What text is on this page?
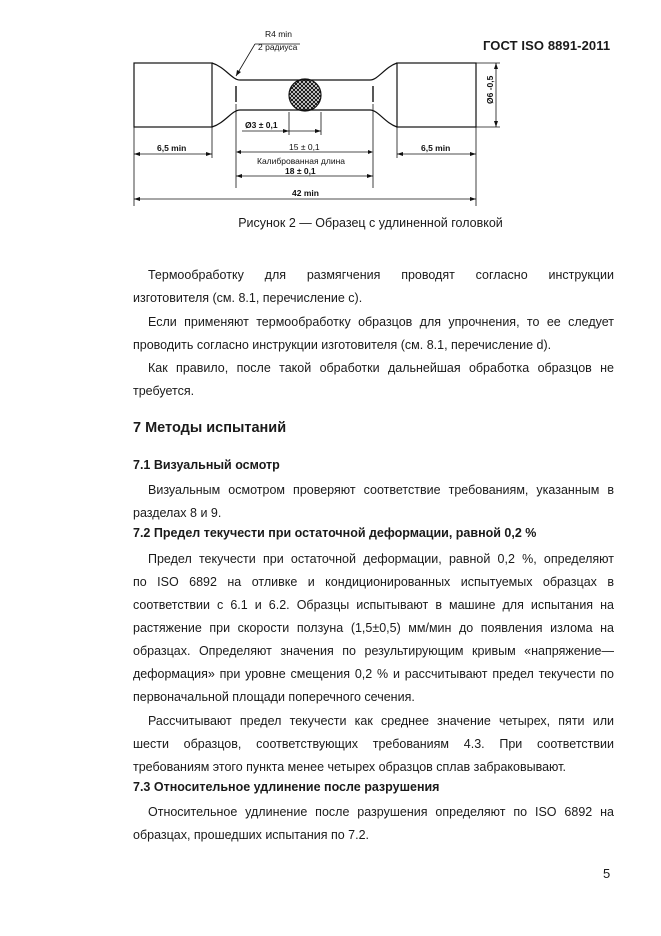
ГОСТ ISO 8891-2011
R4 min
2 радиуса
Ø3 ± 0,1
15 ± 0,1
Калиброванная длина
18 ± 0,1
6,5 min	6,5 min
42 min
Ø6 -0,5
Рисунок 2 — Образец с удлиненной головкой
Термообработку для размягчения проводят согласно инструкции
изготовителя (см. 8.1, перечисление с).
Если применяют термообработку образцов для упрочнения, то ее следует
проводить согласно инструкции изготовителя (см. 8.1, перечисление d).
Как правило, после такой обработки дальнейшая обработка образцов не
требуется.
7 Методы испытаний
7.1 Визуальный осмотр
Визуальным осмотром проверяют соответствие требованиям, указанным в
разделах 8 и 9.
7.2 Предел текучести при остаточной деформации, равной 0,2 %
Предел текучести при остаточной деформации, равной 0,2 %, определяют
по ISO 6892 на отливке и кондиционированных испытуемых образцах в
соответствии с 6.1 и 6.2. Образцы испытывают в машине для испытания на
растяжение при скорости ползуна (1,5±0,5) мм/мин до появления излома на
образцах. Определяют значения по результирующим кривым «напряжение—
деформация» при уровне смещения 0,2 % и рассчитывают предел текучести по
первоначальной площади поперечного сечения.
Рассчитывают предел текучести как среднее значение четырех, пяти или
шести образцов, соответствующих требованиям 4.3. При соответствии
требованиям этого пункта менее четырех образцов сплав забраковывают.
7.3 Относительное удлинение после разрушения
Относительное удлинение после разрушения определяют по ISO 6892 на
образцах, прошедших испытания по 7.2.
5
